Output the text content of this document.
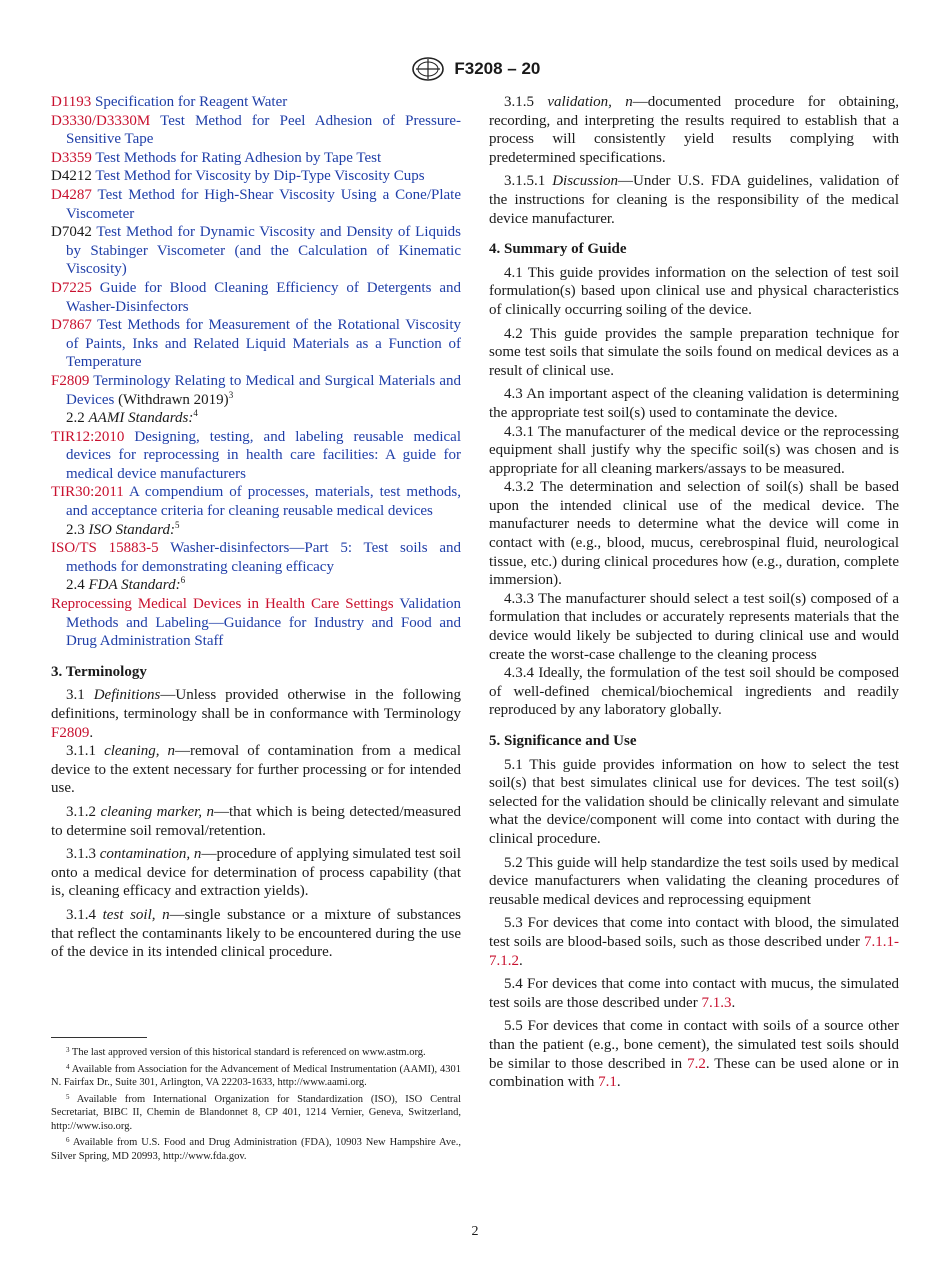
F3208 – 20

D1193 Specification for Reagent Water

D3330/D3330M Test Method for Peel Adhesion of Pressure-Sensitive Tape

D3359 Test Methods for Rating Adhesion by Tape Test

D4212 Test Method for Viscosity by Dip-Type Viscosity Cups

D4287 Test Method for High-Shear Viscosity Using a Cone/Plate Viscometer

D7042 Test Method for Dynamic Viscosity and Density of Liquids by Stabinger Viscometer (and the Calculation of Kinematic Viscosity)

D7225 Guide for Blood Cleaning Efficiency of Detergents and Washer-Disinfectors

D7867 Test Methods for Measurement of the Rotational Viscosity of Paints, Inks and Related Liquid Materials as a Function of Temperature

F2809 Terminology Relating to Medical and Surgical Materials and Devices (Withdrawn 2019)$^3$

2.2 AAMI Standards:$^4$

TIR12:2010 Designing, testing, and labeling reusable medical devices for reprocessing in health care facilities: A guide for medical device manufacturers

TIR30:2011 A compendium of processes, materials, test methods, and acceptance criteria for cleaning reusable medical devices

2.3 ISO Standard:$^5$

ISO/TS 15883-5 Washer-disinfectors—Part 5: Test soils and methods for demonstrating cleaning efficacy

2.4 FDA Standard:$^6$

Reprocessing Medical Devices in Health Care Settings Validation Methods and Labeling—Guidance for Industry and Food and Drug Administration Staff

3. Terminology

3.1 Definitions—Unless provided otherwise in the following definitions, terminology shall be in conformance with Terminology F2809.

3.1.1 cleaning, n—removal of contamination from a medical device to the extent necessary for further processing or for intended use.

3.1.2 cleaning marker, n—that which is being detected/measured to determine soil removal/retention.

3.1.3 contamination, n—procedure of applying simulated test soil onto a medical device for determination of process capability (that is, cleaning efficacy and extraction yields).

3.1.4 test soil, n—single substance or a mixture of substances that reflect the contaminants likely to be encountered during the use of the device in its intended clinical procedure.

3.1.5 validation, n—documented procedure for obtaining, recording, and interpreting the results required to establish that a process will consistently yield results complying with predetermined specifications.

3.1.5.1 Discussion—Under U.S. FDA guidelines, validation of the instructions for cleaning is the responsibility of the medical device manufacturer.

4. Summary of Guide

4.1 This guide provides information on the selection of test soil formulation(s) based upon clinical use and physical characteristics of clinically occurring soiling of the device.

4.2 This guide provides the sample preparation technique for some test soils that simulate the soils found on medical devices as a result of clinical use.

4.3 An important aspect of the cleaning validation is determining the appropriate test soil(s) used to contaminate the device.

4.3.1 The manufacturer of the medical device or the reprocessing equipment shall justify why the specific soil(s) was chosen and is appropriate for all cleaning markers/assays to be measured.

4.3.2 The determination and selection of soil(s) shall be based upon the intended clinical use of the medical device. The manufacturer needs to determine what the device will come in contact with (e.g., blood, mucus, cerebrospinal fluid, neurological tissue, etc.) during clinical procedures how (e.g., duration, complete immersion).

4.3.3 The manufacturer should select a test soil(s) composed of a formulation that includes or accurately represents materials that the device would likely be subjected to during clinical use and would create the worst-case challenge to the cleaning process

4.3.4 Ideally, the formulation of the test soil should be composed of well-defined chemical/biochemical ingredients and readily reproduced by any laboratory globally.

5. Significance and Use

5.1 This guide provides information on how to select the test soil(s) that best simulates clinical use for devices. The test soil(s) selected for the validation should be clinically relevant and simulate what the device/component will come into contact with during the clinical procedure.

5.2 This guide will help standardize the test soils used by medical device manufacturers when validating the cleaning procedures of reusable medical devices and reprocessing equipment

5.3 For devices that come into contact with blood, the simulated test soils are blood-based soils, such as those described under 7.1.1-7.1.2.

5.4 For devices that come into contact with mucus, the simulated test soils are those described under 7.1.3.

5.5 For devices that come in contact with soils of a source other than the patient (e.g., bone cement), the simulated test soils should be similar to those described in 7.2. These can be used alone or in combination with 7.1.

$^3$ The last approved version of this historical standard is referenced on www.astm.org.

$^4$ Available from Association for the Advancement of Medical Instrumentation (AAMI), 4301 N. Fairfax Dr., Suite 301, Arlington, VA 22203-1633, http://www.aami.org.

$^5$ Available from International Organization for Standardization (ISO), ISO Central Secretariat, BIBC II, Chemin de Blandonnet 8, CP 401, 1214 Vernier, Geneva, Switzerland, http://www.iso.org.

$^6$ Available from U.S. Food and Drug Administration (FDA), 10903 New Hampshire Ave., Silver Spring, MD 20993, http://www.fda.gov.

2
